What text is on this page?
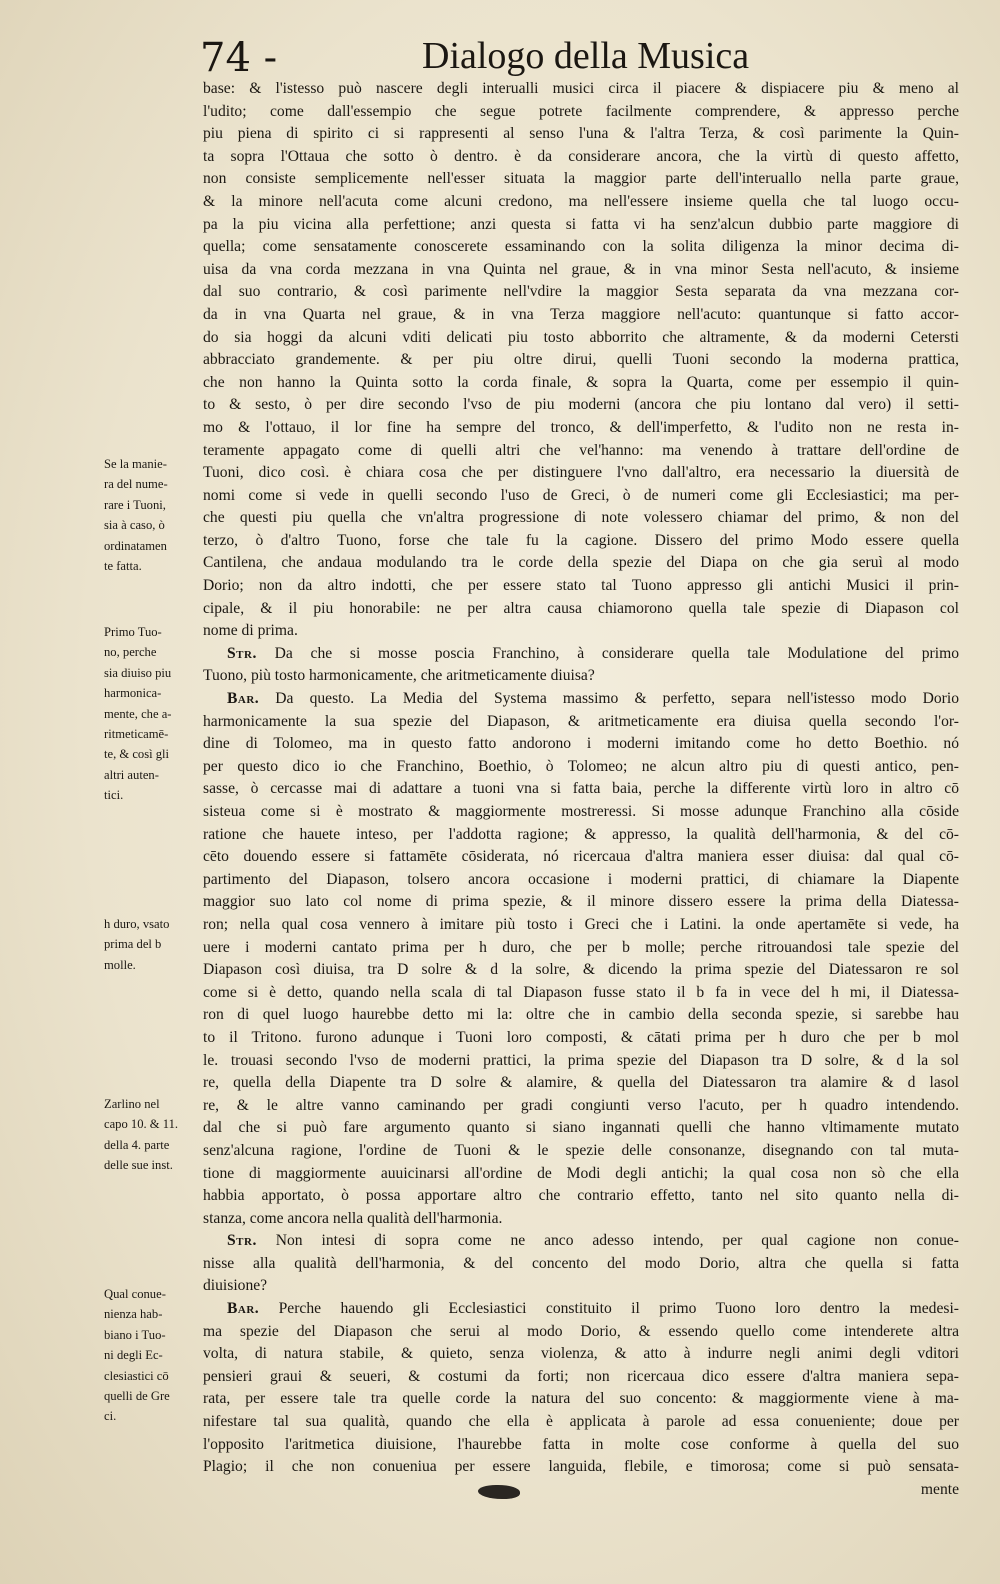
74 -	Dialogo della Musica
Se la manie-
ra del nume-
rare i Tuoni,
sia à caso, ò
ordinatamen
te fatta.
Primo Tuo-
no, perche
sia diuiso piu
harmonica-
mente, che a-
ritmeticamē-
te, & così gli
altri auten-
tici.
h duro, vsato
prima del b
molle.
Zarlino nel
capo 10. & 11.
della 4. parte
delle sue inst.
Qual conue-
nienza hab-
biano i Tuo-
ni degli Ec-
clesiastici cō
quelli de Gre
ci.
base: & l'istesso può nascere degli interualli musici circa il piacere & dispiacere piu & meno al
l'udito; come dall'essempio che segue potrete facilmente comprendere, & appresso perche
piu piena di spirito ci si rappresenti al senso l'una & l'altra Terza, & così parimente la Quin-
ta sopra l'Ottaua che sotto ò dentro. è da considerare ancora, che la virtù di questo affetto,
non consiste semplicemente nell'esser situata la maggior parte dell'interuallo nella parte graue,
& la minore nell'acuta come alcuni credono, ma nell'essere insieme quella che tal luogo occu-
pa la piu vicina alla perfettione; anzi questa si fatta vi ha senz'alcun dubbio parte maggiore di
quella; come sensatamente conoscerete essaminando con la solita diligenza la minor decima di-
uisa da vna corda mezzana in vna Quinta nel graue, & in vna minor Sesta nell'acuto, & insieme
dal suo contrario, & così parimente nell'vdire la maggior Sesta separata da vna mezzana cor-
da in vna Quarta nel graue, & in vna Terza maggiore nell'acuto: quantunque si fatto accor-
do sia hoggi da alcuni vditi delicati piu tosto abborrito che altramente, & da moderni Cetersti
abbracciato grandemente. & per piu oltre dirui, quelli Tuoni secondo la moderna prattica,
che non hanno la Quinta sotto la corda finale, & sopra la Quarta, come per essempio il quin-
to & sesto, ò per dire secondo l'vso de piu moderni (ancora che piu lontano dal vero) il setti-
mo & l'ottauo, il lor fine ha sempre del tronco, & dell'imperfetto, & l'udito non ne resta in-
teramente appagato come di quelli altri che vel'hanno: ma venendo à trattare dell'ordine de
Tuoni, dico così. è chiara cosa che per distinguere l'vno dall'altro, era necessario la diuersità de
nomi come si vede in quelli secondo l'uso de Greci, ò de numeri come gli Ecclesiastici; ma per-
che questi piu quella che vn'altra progressione di note volessero chiamar del primo, & non del
terzo, ò d'altro Tuono, forse che tale fu la cagione. Dissero del primo Modo essere quella
Cantilena, che andaua modulando tra le corde della spezie del Diapa on che gia seruì al modo
Dorio; non da altro indotti, che per essere stato tal Tuono appresso gli antichi Musici il prin-
cipale, & il piu honorabile: ne per altra causa chiamorono quella tale spezie di Diapason col
nome di prima.
Str. Da che si mosse poscia Franchino, à considerare quella tale Modulatione del primo
Tuono, più tosto harmonicamente, che aritmeticamente diuisa?
Bar. Da questo. La Media del Systema massimo & perfetto, separa nell'istesso modo Dorio
harmonicamente la sua spezie del Diapason, & aritmeticamente era diuisa quella secondo l'or-
dine di Tolomeo, ma in questo fatto andorono i moderni imitando come ho detto Boethio. nó
per questo dico io che Franchino, Boethio, ò Tolomeo; ne alcun altro piu di questi antico, pen-
sasse, ò cercasse mai di adattare a tuoni vna si fatta baia, perche la differente virtù loro in altro cō
sisteua come si è mostrato & maggiormente mostreressi. Si mosse adunque Franchino alla cōside
ratione che hauete inteso, per l'addotta ragione; & appresso, la qualità dell'harmonia, & del cō-
cēto douendo essere si fattamēte cōsiderata, nó ricercaua d'altra maniera esser diuisa: dal qual cō-
partimento del Diapason, tolsero ancora occasione i moderni prattici, di chiamare la Diapente
maggior suo lato col nome di prima spezie, & il minore dissero essere la prima della Diatessa-
ron; nella qual cosa vennero à imitare più tosto i Greci che i Latini. la onde apertamēte si vede, ha
uere i moderni cantato prima per h duro, che per b molle; perche ritrouandosi tale spezie del
Diapason così diuisa, tra D solre & d la solre, & dicendo la prima spezie del Diatessaron re sol
come si è detto, quando nella scala di tal Diapason fusse stato il b fa in vece del h mi, il Diatessa-
ron di quel luogo haurebbe detto mi la: oltre che in cambio della seconda spezie, si sarebbe hau
to il Tritono. furono adunque i Tuoni loro composti, & cātati prima per h duro che per b mol
le. trouasi secondo l'vso de moderni prattici, la prima spezie del Diapason tra D solre, & d la sol
re, quella della Diapente tra D solre & alamire, & quella del Diatessaron tra alamire & d lasol
re, & le altre vanno caminando per gradi congiunti verso l'acuto, per h quadro intendendo.
dal che si può fare argumento quanto si siano ingannati quelli che hanno vltimamente mutato
senz'alcuna ragione, l'ordine de Tuoni & le spezie delle consonanze, disegnando con tal muta-
tione di maggiormente auuicinarsi all'ordine de Modi degli antichi; la qual cosa non sò che ella
habbia apportato, ò possa apportare altro che contrario effetto, tanto nel sito quanto nella di-
stanza, come ancora nella qualità dell'harmonia.
Str. Non intesi di sopra come ne anco adesso intendo, per qual cagione non conue-
nisse alla qualità dell'harmonia, & del concento del modo Dorio, altra che quella si fatta
diuisione?
Bar. Perche hauendo gli Ecclesiastici constituito il primo Tuono loro dentro la medesi-
ma spezie del Diapason che serui al modo Dorio, & essendo quello come intenderete altra
volta, di natura stabile, & quieto, senza violenza, & atto à indurre negli animi degli vditori
pensieri graui & seueri, & costumi da forti; non ricercaua dico essere d'altra maniera sepa-
rata, per essere tale tra quelle corde la natura del suo concento: & maggiormente viene à ma-
nifestare tal sua qualità, quando che ella è applicata à parole ad essa conueniente; doue per
l'opposito l'aritmetica diuisione, l'haurebbe fatta in molte cose conforme à quella del suo
Plagio; il che non conueniua per essere languida, flebile, e timorosa; come si può sensata-
mente
